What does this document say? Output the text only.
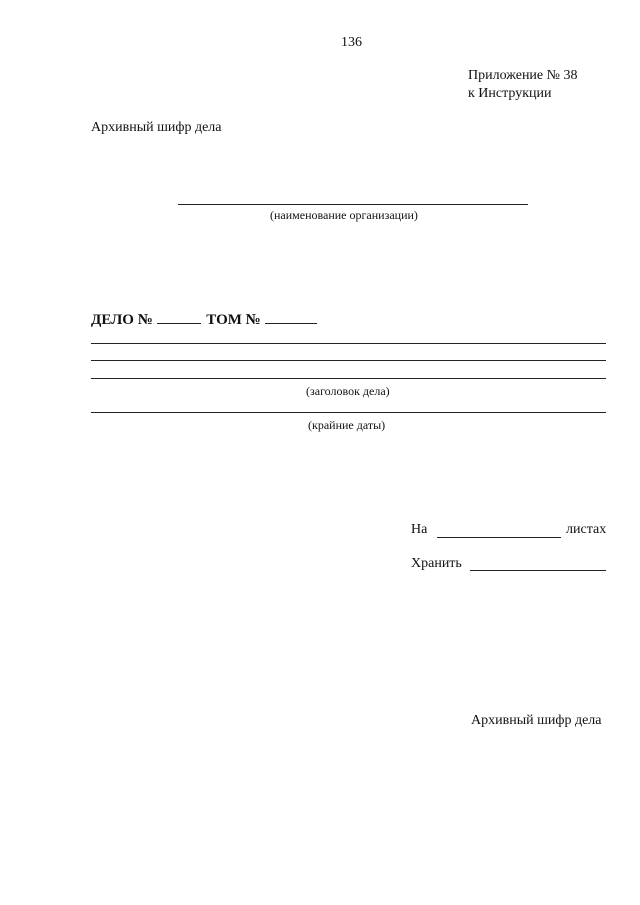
136
Приложение № 38
к Инструкции
Архивный шифр дела
(наименование организации)
ДЕЛО №	ТОМ №
(заголовок дела)
(крайние даты)
На	листах
Хранить
Архивный шифр дела
